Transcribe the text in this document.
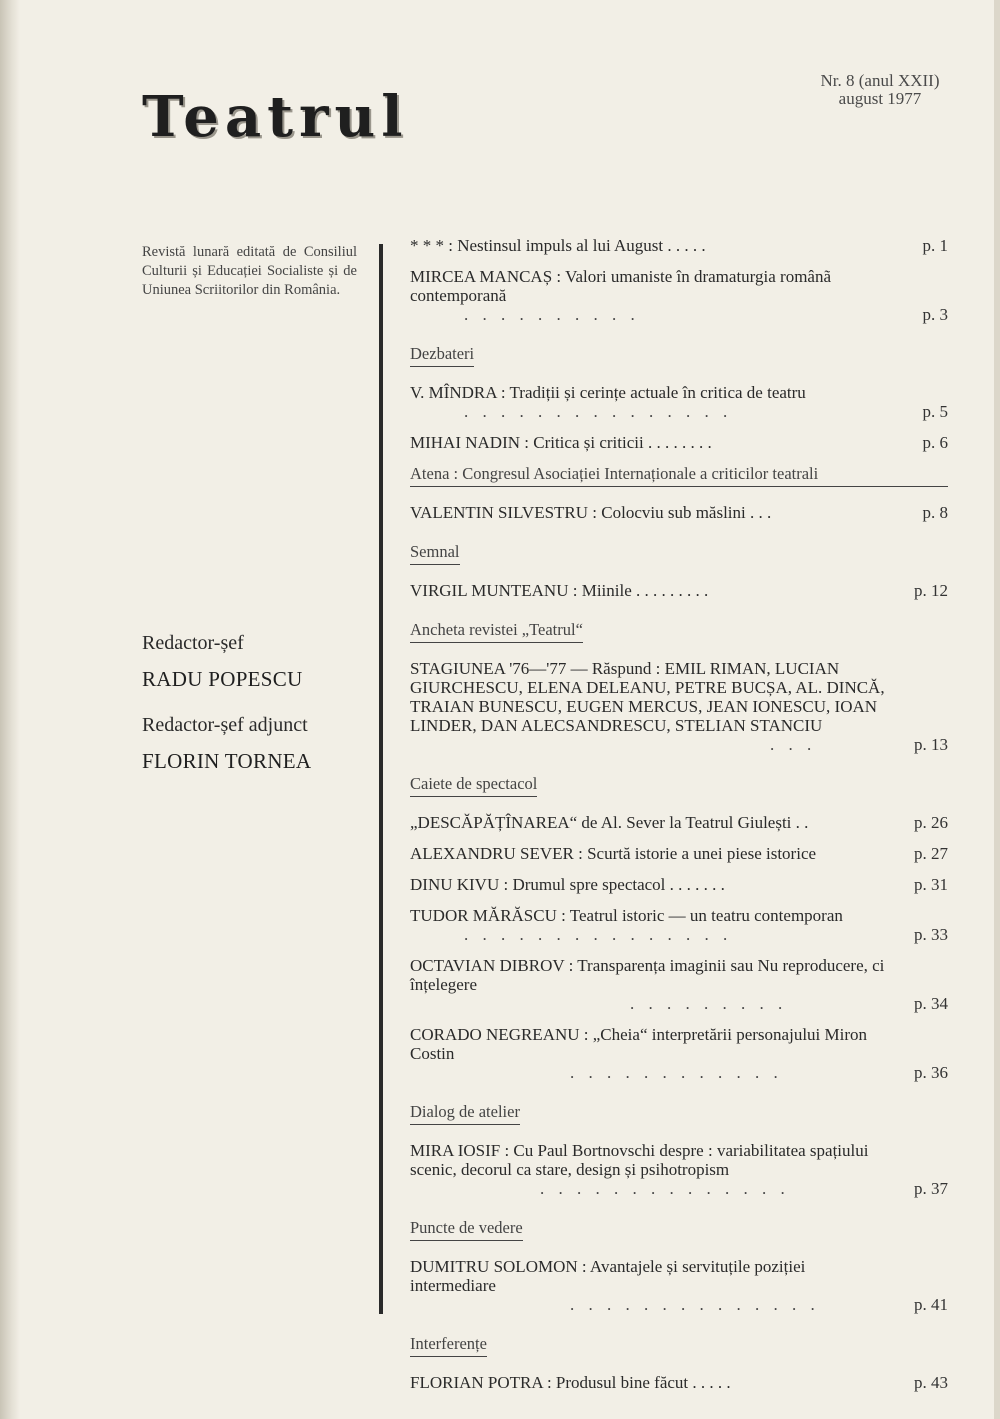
Teatrul
Nr. 8 (anul XXII)
august 1977
Revistă lunară editată de Consiliul Culturii și Educației Socialiste și de Uniunea Scriitorilor din România.
Redactor-șef
RADU POPESCU
Redactor-șef adjunct
FLORIN TORNEA
* * * : Nestinsul impuls al lui August . . . . .	p. 1
MIRCEA MANCAȘ : Valori umaniste în dramaturgia românã contemporană
. . . . . . . . . .	p. 3
Dezbateri
V. MÎNDRA : Tradiții și cerințe actuale în critica de teatru
. . . . . . . . . . . . . . .	p. 5
MIHAI NADIN : Critica și criticii . . . . . . . .	p. 6
Atena : Congresul Asociației Internaționale a criticilor teatrali
VALENTIN SILVESTRU : Colocviu sub măslini . . .	p. 8
Semnal
VIRGIL MUNTEANU : Miinile . . . . . . . . .	p. 12
Ancheta revistei „Teatrul“
STAGIUNEA '76—'77 — Răspund : EMIL RIMAN, LUCIAN GIURCHESCU, ELENA DELEANU, PETRE BUCȘA, AL. DINCĂ, TRAIAN BUNESCU, EUGEN MERCUS, JEAN IONESCU, IOAN LINDER, DAN ALECSANDRESCU, STELIAN STANCIU
. . .	p. 13
Caiete de spectacol
„DESCĂPĂȚÎNAREA“ de Al. Sever la Teatrul Giulești . .	p. 26
ALEXANDRU SEVER : Scurtă istorie a unei piese istorice	p. 27
DINU KIVU : Drumul spre spectacol . . . . . . .	p. 31
TUDOR MĂRĂSCU : Teatrul istoric — un teatru contemporan
. . . . . . . . . . . . . . .	p. 33
OCTAVIAN DIBROV : Transparența imaginii sau Nu reproducere, ci înțelegere
. . . . . . . . .	p. 34
CORADO NEGREANU : „Cheia“ interpretării personajului Miron Costin
. . . . . . . . . . . .	p. 36
Dialog de atelier
MIRA IOSIF : Cu Paul Bortnovschi despre : variabilitatea spațiului scenic, decorul ca stare, design și psihotropism
. . . . . . . . . . . . . .	p. 37
Puncte de vedere
DUMITRU SOLOMON : Avantajele și servituțile poziției intermediare
. . . . . . . . . . . . . .	p. 41
Interferențe
FLORIAN POTRA : Produsul bine făcut . . . . .	p. 43
